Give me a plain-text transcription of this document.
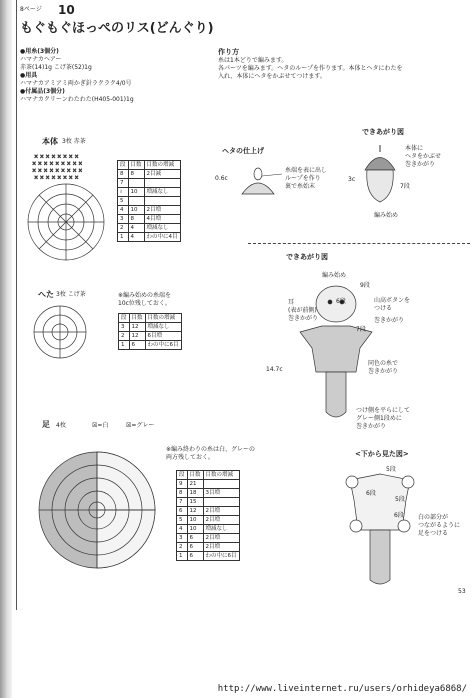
8ページ 10
もぐもぐほっぺのリス(どんぐり)
●用糸(3個分)
ハマナカヘアー
赤茶(14)1g こげ茶(52)1g
●用具
ハマナカアミアミ両かぎ針ラクラク4/0号
●付属品(3個分)
ハマナカクリーンわたわた(H405-001)1g
作り方
糸は1本どりで編みます。
各パーツを編みます。ヘタのループを作ります。本体とヘタにわたを
入れ、本体にヘタをかぶせてつけます。
本体 3枚 赤茶
× × × × × × × ×
× × × × × × × × ×
× × × × × × × × ×
× × × × × × × ×
段	目数	目数の増減
8	8	2目減
7		
≀	10	増減なし
5		
4	10	2目増
3	8	4目増
2	4	増減なし
1	4	わの中に4目
ヘタの仕上げ
0.6c
糸端を表に出し
ループを作り
裏で糸始末
できあがり図
3c
本体に
ヘタをかぶせ
巻きかがり
7段
編み始め
へた 3枚 こげ茶	※編み始めの糸端を
10c位残しておく。
段	目数	目数の増減
3	12	増減なし
2	12	6目増
1	6	わの中に6目
できあがり図
編み始め
9段
6段
7段
耳
(表が前側)
巻きかがり
山高ボタンを
つける
巻きかがり
14.7c
同色の糸で
巻きかがり
つけ側を平らにして
グレー側1段めに
巻きかがり
足 4枚	☒=白	☒=グレー
※編み終わりの糸は白、グレーの
両方残しておく。
段	目数	目数の増減
9	21	
8	18	3目増
7	15	
6	12	2目増
5	10	2目増
4	10	増減なし
3	6	2目増
2	6	2目増
1	6	わの中に6目
<下から見た図>
5段
6段
5段
6段 白の部分が
つながるように
足をつける
53
http://www.liveinternet.ru/users/orhideya6868/
